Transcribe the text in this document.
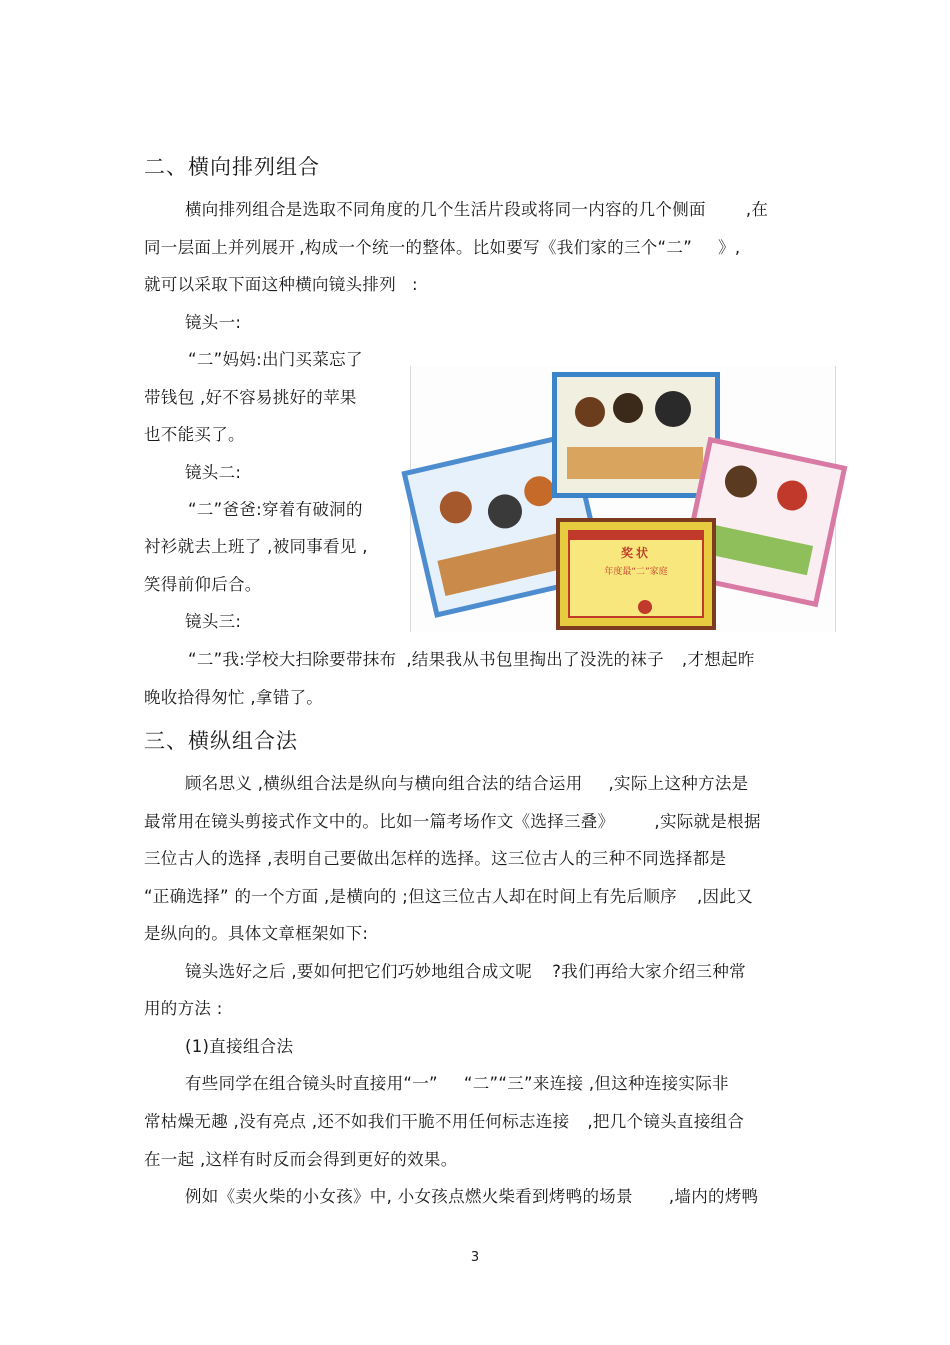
二、横向排列组合
横向排列组合是选取不同角度的几个生活片段或将同一内容的几个侧面 ,在
同一层面上并列展开 ,构成一个统一的整体。比如要写《我们家的三个“二” 》,
就可以采取下面这种横向镜头排列 :
镜头一:
“二”妈妈:出门买菜忘了
带钱包 ,好不容易挑好的苹果
也不能买了。
镜头二:
“二”爸爸:穿着有破洞的
衬衫就去上班了 ,被同事看见 ,
笑得前仰后合。
镜头三:
“二”我:学校大扫除要带抹布 ,结果我从书包里掏出了没洗的袜子 ,才想起昨
晚收拾得匆忙 ,拿错了。
奖状
年度最“二”家庭
三、横纵组合法
顾名思义 ,横纵组合法是纵向与横向组合法的结合运用 ,实际上这种方法是
最常用在镜头剪接式作文中的。比如一篇考场作文《选择三叠》 ,实际就是根据
三位古人的选择 ,表明自己要做出怎样的选择。这三位古人的三种不同选择都是
“正确选择” 的一个方面 ,是横向的 ;但这三位古人却在时间上有先后顺序 ,因此又
是纵向的。具体文章框架如下:
镜头选好之后 ,要如何把它们巧妙地组合成文呢 ?我们再给大家介绍三种常
用的方法 :
(1)直接组合法
有些同学在组合镜头时直接用“一” “二”“三”来连接 ,但这种连接实际非
常枯燥无趣 ,没有亮点 ,还不如我们干脆不用任何标志连接 ,把几个镜头直接组合
在一起 ,这样有时反而会得到更好的效果。
例如《卖火柴的小女孩》中, 小女孩点燃火柴看到烤鸭的场景 ,墙内的烤鸭
3
